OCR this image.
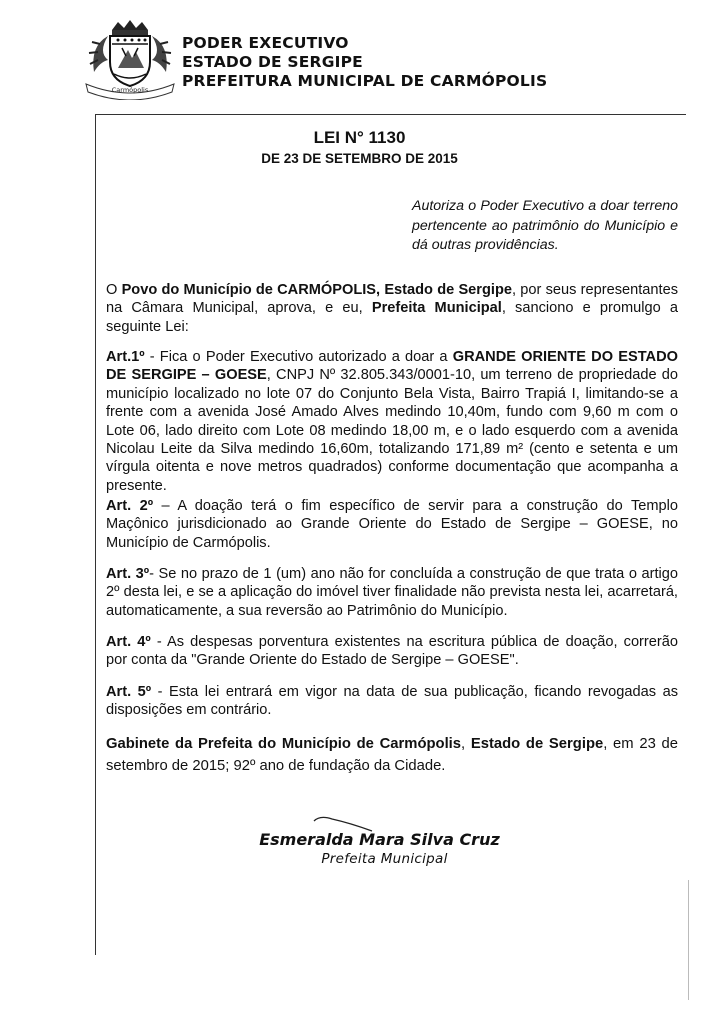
Carmópolis
PODER EXECUTIVO
ESTADO DE SERGIPE
PREFEITURA MUNICIPAL DE CARMÓPOLIS
LEI N° 1130
DE 23 DE SETEMBRO DE 2015
Autoriza o Poder Executivo a doar terreno pertencente ao patrimônio do Município e dá outras providências.
O Povo do Município de CARMÓPOLIS, Estado de Sergipe, por seus representantes na Câmara Municipal, aprova, e eu, Prefeita Municipal, sanciono e promulgo a seguinte Lei:
Art.1º - Fica o Poder Executivo autorizado a doar a GRANDE ORIENTE DO ESTADO DE SERGIPE – GOESE, CNPJ Nº 32.805.343/0001-10, um terreno de propriedade do município localizado no lote 07 do Conjunto Bela Vista, Bairro Trapiá I, limitando-se a frente com a avenida José Amado Alves medindo 10,40m, fundo com 9,60 m com o Lote 06, lado direito com Lote 08 medindo 18,00 m, e o lado esquerdo com a avenida Nicolau Leite da Silva medindo 16,60m, totalizando 171,89 m² (cento e setenta e um vírgula oitenta e nove metros quadrados) conforme documentação que acompanha a presente.
Art. 2º – A doação terá o fim específico de servir para a construção do Templo Maçônico jurisdicionado ao Grande Oriente do Estado de Sergipe – GOESE, no Município de Carmópolis.
Art. 3º- Se no prazo de 1 (um) ano não for concluída a construção de que trata o artigo 2º desta lei, e se a aplicação do imóvel tiver finalidade não prevista nesta lei, acarretará, automaticamente, a sua reversão ao Patrimônio do Município.
Art. 4º - As despesas porventura existentes na escritura pública de doação, correrão por conta da "Grande Oriente do Estado de Sergipe – GOESE".
Art. 5º - Esta lei entrará em vigor na data de sua publicação, ficando revogadas as disposições em contrário.
Gabinete da Prefeita do Município de Carmópolis, Estado de Sergipe, em 23 de setembro de 2015; 92º ano de fundação da Cidade.
Esmeralda Mara Silva Cruz
Prefeita Municipal
